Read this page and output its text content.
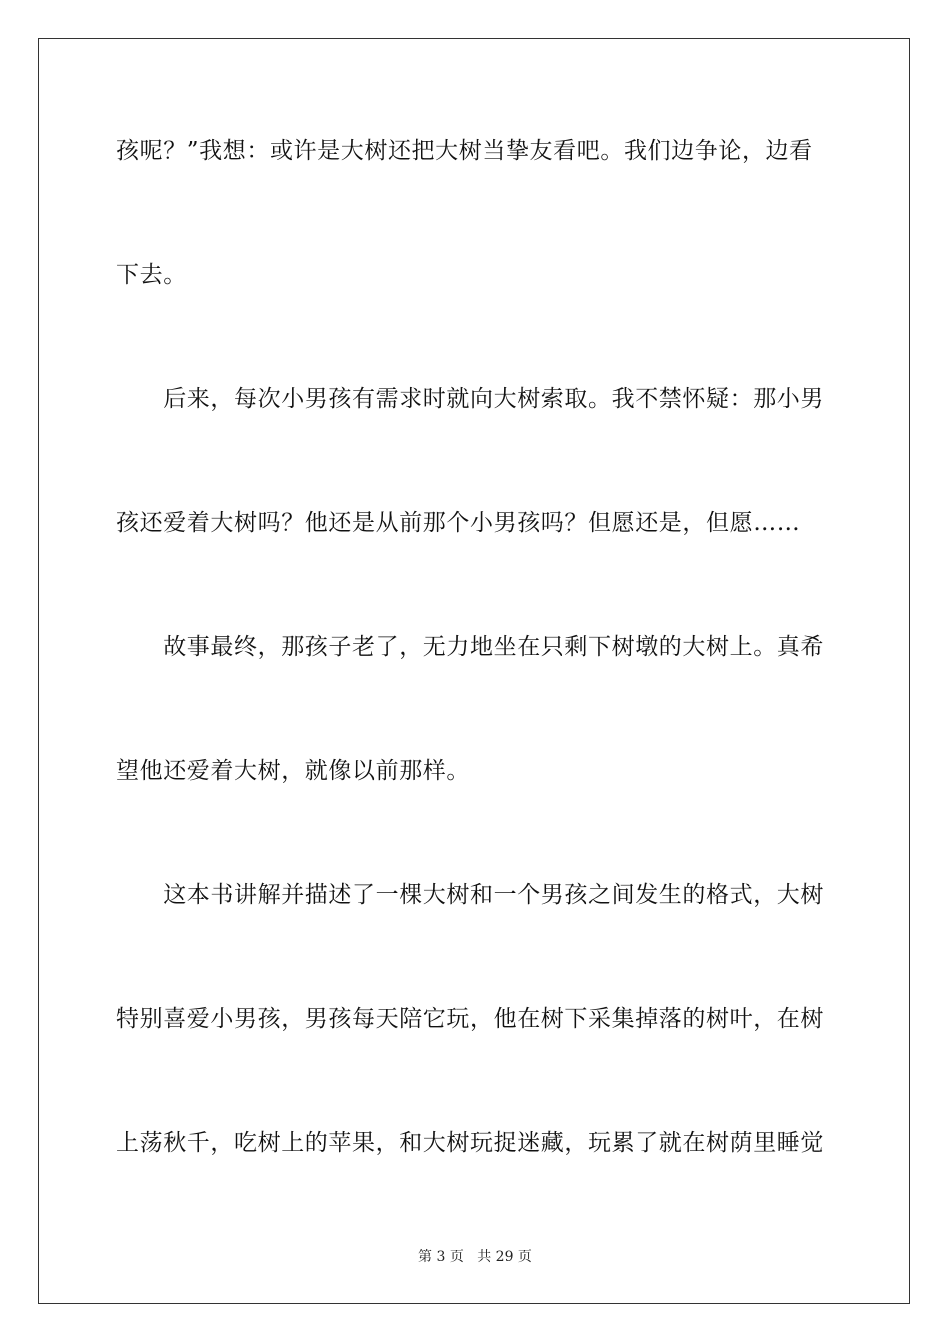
孩呢？”我想：或许是大树还把大树当挚友看吧。我们边争论，边看
下去。
　　后来，每次小男孩有需求时就向大树索取。我不禁怀疑：那小男
孩还爱着大树吗？他还是从前那个小男孩吗？但愿还是，但愿……
　　故事最终，那孩子老了，无力地坐在只剩下树墩的大树上。真希
望他还爱着大树，就像以前那样。
　　这本书讲解并描述了一棵大树和一个男孩之间发生的格式，大树
特别喜爱小男孩，男孩每天陪它玩，他在树下采集掉落的树叶，在树
上荡秋千，吃树上的苹果，和大树玩捉迷藏，玩累了就在树荫里睡觉
第 3 页 共 29 页
